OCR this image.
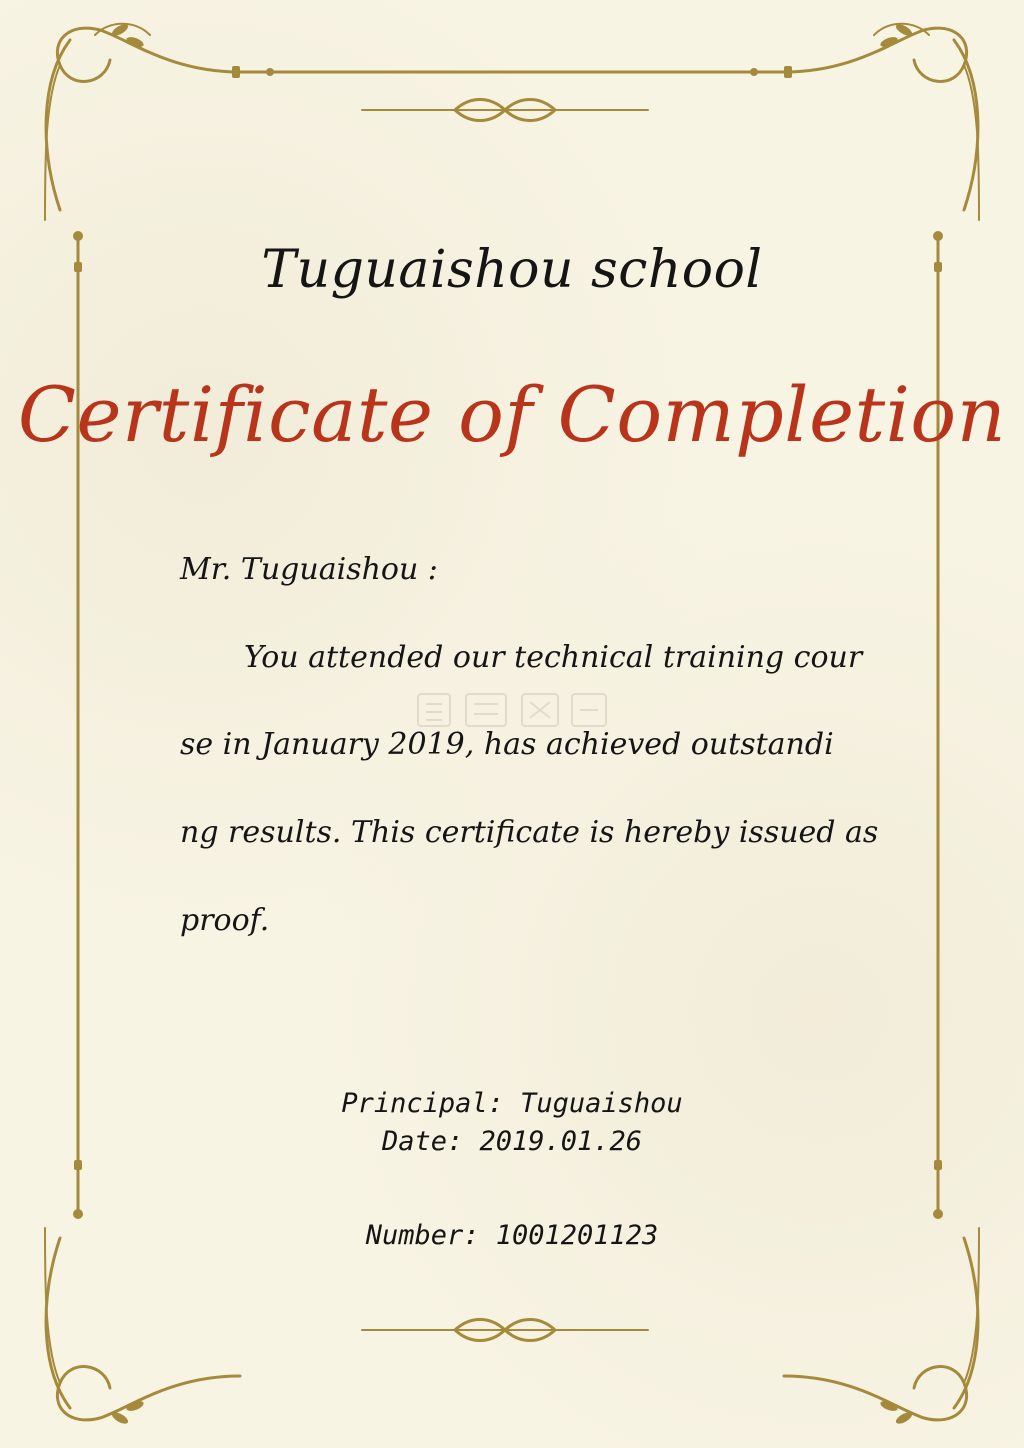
Tuguaishou school
Certificate of Completion
Mr. Tuguaishou :
You attended our technical training cour
se in January 2019, has achieved outstandi
ng results. This certificate is hereby issued as
proof.
Principal: Tuguaishou
Date: 2019.01.26
Number: 1001201123
